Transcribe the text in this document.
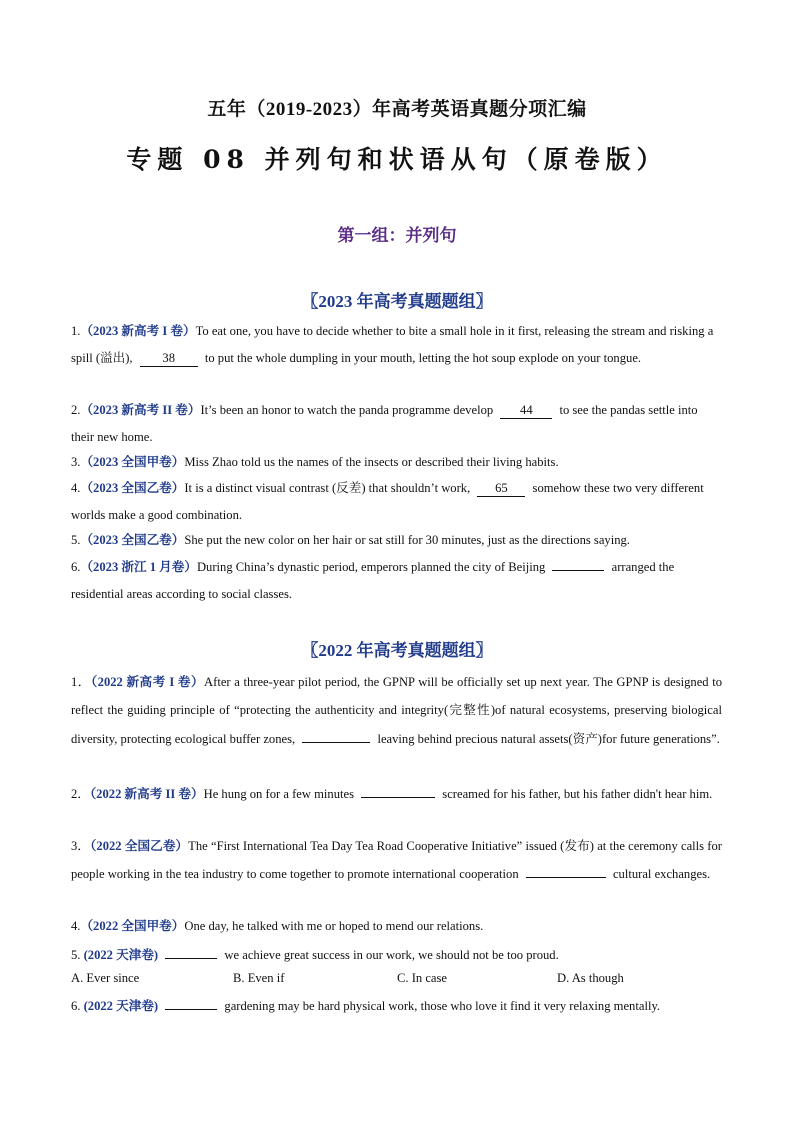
五年（2019-2023）年高考英语真题分项汇编
专题 08 并列句和状语从句（原卷版）
第一组：并列句
〖2023 年高考真题题组〗
1.（2023 新高考 I 卷）To eat one, you have to decide whether to bite a small hole in it first, releasing the stream and risking a spill (溢出), 38 to put the whole dumpling in your mouth, letting the hot soup explode on your tongue.
2.（2023 新高考 II 卷）It’s been an honor to watch the panda programme develop 44 to see the pandas settle into their new home.
3.（2023 全国甲卷）Miss Zhao told us the names of the insects or described their living habits.
4.（2023 全国乙卷）It is a distinct visual contrast (反差) that shouldn’t work, 65 somehow these two very different worlds make a good combination.
5.（2023 全国乙卷）She put the new color on her hair or sat still for 30 minutes, just as the directions saying.
6.（2023 浙江 1 月卷）During China’s dynastic period, emperors planned the city of Beijing	arranged the residential areas according to social classes.
〖2022 年高考真题题组〗
1．（2022 新高考 I 卷）After a three-year pilot period, the GPNP will be officially set up next year. The GPNP is designed to reflect the guiding principle of “protecting the authenticity and integrity(完整性)of natural ecosystems, preserving biological diversity, protecting ecological buffer zones,	leaving behind precious natural assets(资产)for future generations”.
2．（2022 新高考 II 卷）He hung on for a few minutes	screamed for his father, but his father didn't hear him.
3．（2022 全国乙卷）The “First International Tea Day Tea Road Cooperative Initiative” issued (发布) at the ceremony calls for people working in the tea industry to come together to promote international cooperation	cultural exchanges.
4.（2022 全国甲卷）One day, he talked with me or hoped to mend our relations.
5. (2022 天津卷)	we achieve great success in our work, we should not be too proud.
A. Ever since	B. Even if	C. In case	D. As though
6. (2022 天津卷)	gardening may be hard physical work, those who love it find it very relaxing mentally.
